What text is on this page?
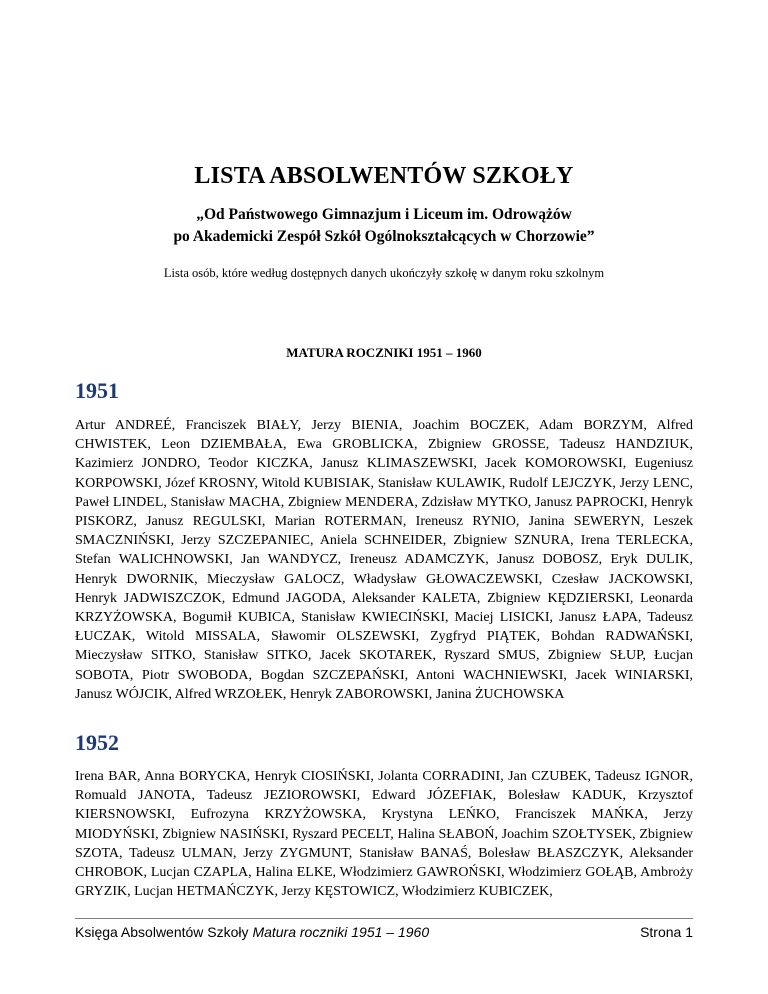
LISTA ABSOLWENTÓW SZKOŁY
„Od Państwowego Gimnazjum i Liceum im. Odrowążów
po Akademicki Zespół Szkół Ogólnokształcących w Chorzowie”

Lista osób, które według dostępnych danych ukończyły szkołę w danym roku szkolnym

MATURA ROCZNIKI 1951 – 1960

1951

Artur ANDREÉ, Franciszek BIAŁY, Jerzy BIENIA, Joachim BOCZEK, Adam BORZYM, Alfred CHWISTEK, Leon DZIEMBAŁA, Ewa GROBLICKA, Zbigniew GROSSE, Tadeusz HANDZIUK, Kazimierz JONDRO, Teodor KICZKA, Janusz KLIMASZEWSKI, Jacek KOMOROWSKI, Eugeniusz KORPOWSKI, Józef KROSNY, Witold KUBISIAK, Stanisław KULAWIK, Rudolf LEJCZYK, Jerzy LENC, Paweł LINDEL, Stanisław MACHA, Zbigniew MENDERA, Zdzisław MYTKO, Janusz PAPROCKI, Henryk PISKORZ, Janusz REGULSKI, Marian ROTERMAN, Ireneusz RYNIO, Janina SEWERYN, Leszek SMACZNIŃSKI, Jerzy SZCZEPANIEC, Aniela SCHNEIDER, Zbigniew SZNURA, Irena TERLECKA, Stefan WALICHNOWSKI, Jan WANDYCZ, Ireneusz ADAMCZYK, Janusz DOBOSZ, Eryk DULIK, Henryk DWORNIK, Mieczysław GALOCZ, Władysław GŁOWACZEWSKI, Czesław JACKOWSKI, Henryk JADWISZCZOK, Edmund JAGODA, Aleksander KALETA, Zbigniew KĘDZIERSKI, Leonarda KRZYŻOWSKA, Bogumił KUBICA, Stanisław KWIECIŃSKI, Maciej LISICKI, Janusz ŁAPA, Tadeusz ŁUCZAK, Witold MISSALA, Sławomir OLSZEWSKI, Zygfryd PIĄTEK, Bohdan RADWAŃSKI, Mieczysław SITKO, Stanisław SITKO, Jacek SKOTAREK, Ryszard SMUS, Zbigniew SŁUP, Łucjan SOBOTA, Piotr SWOBODA, Bogdan SZCZEPAŃSKI, Antoni WACHNIEWSKI, Jacek WINIARSKI, Janusz WÓJCIK, Alfred WRZOŁEK, Henryk ZABOROWSKI, Janina ŻUCHOWSKA

1952

Irena BAR, Anna BORYCKA, Henryk CIOSIŃSKI, Jolanta CORRADINI, Jan CZUBEK, Tadeusz IGNOR, Romuald JANOTA, Tadeusz JEZIOROWSKI, Edward JÓZEFIAK, Bolesław KADUK, Krzysztof KIERSNOWSKI, Eufrozyna KRZYŻOWSKA, Krystyna LEŃKO, Franciszek MAŃKA, Jerzy MIODYŃSKI, Zbigniew NASIŃSKI, Ryszard PECELT, Halina SŁABOŃ, Joachim SZOŁTYSEK, Zbigniew SZOTA, Tadeusz ULMAN, Jerzy ZYGMUNT, Stanisław BANAŚ, Bolesław BŁASZCZYK, Aleksander CHROBOK, Lucjan CZAPLA, Halina ELKE, Włodzimierz GAWROŃSKI, Włodzimierz GOŁĄB, Ambroży GRYZIK, Lucjan HETMAŃCZYK, Jerzy KĘSTOWICZ, Włodzimierz KUBICZEK,

Księga Absolwentów Szkoły Matura roczniki 1951 – 1960	Strona 1
